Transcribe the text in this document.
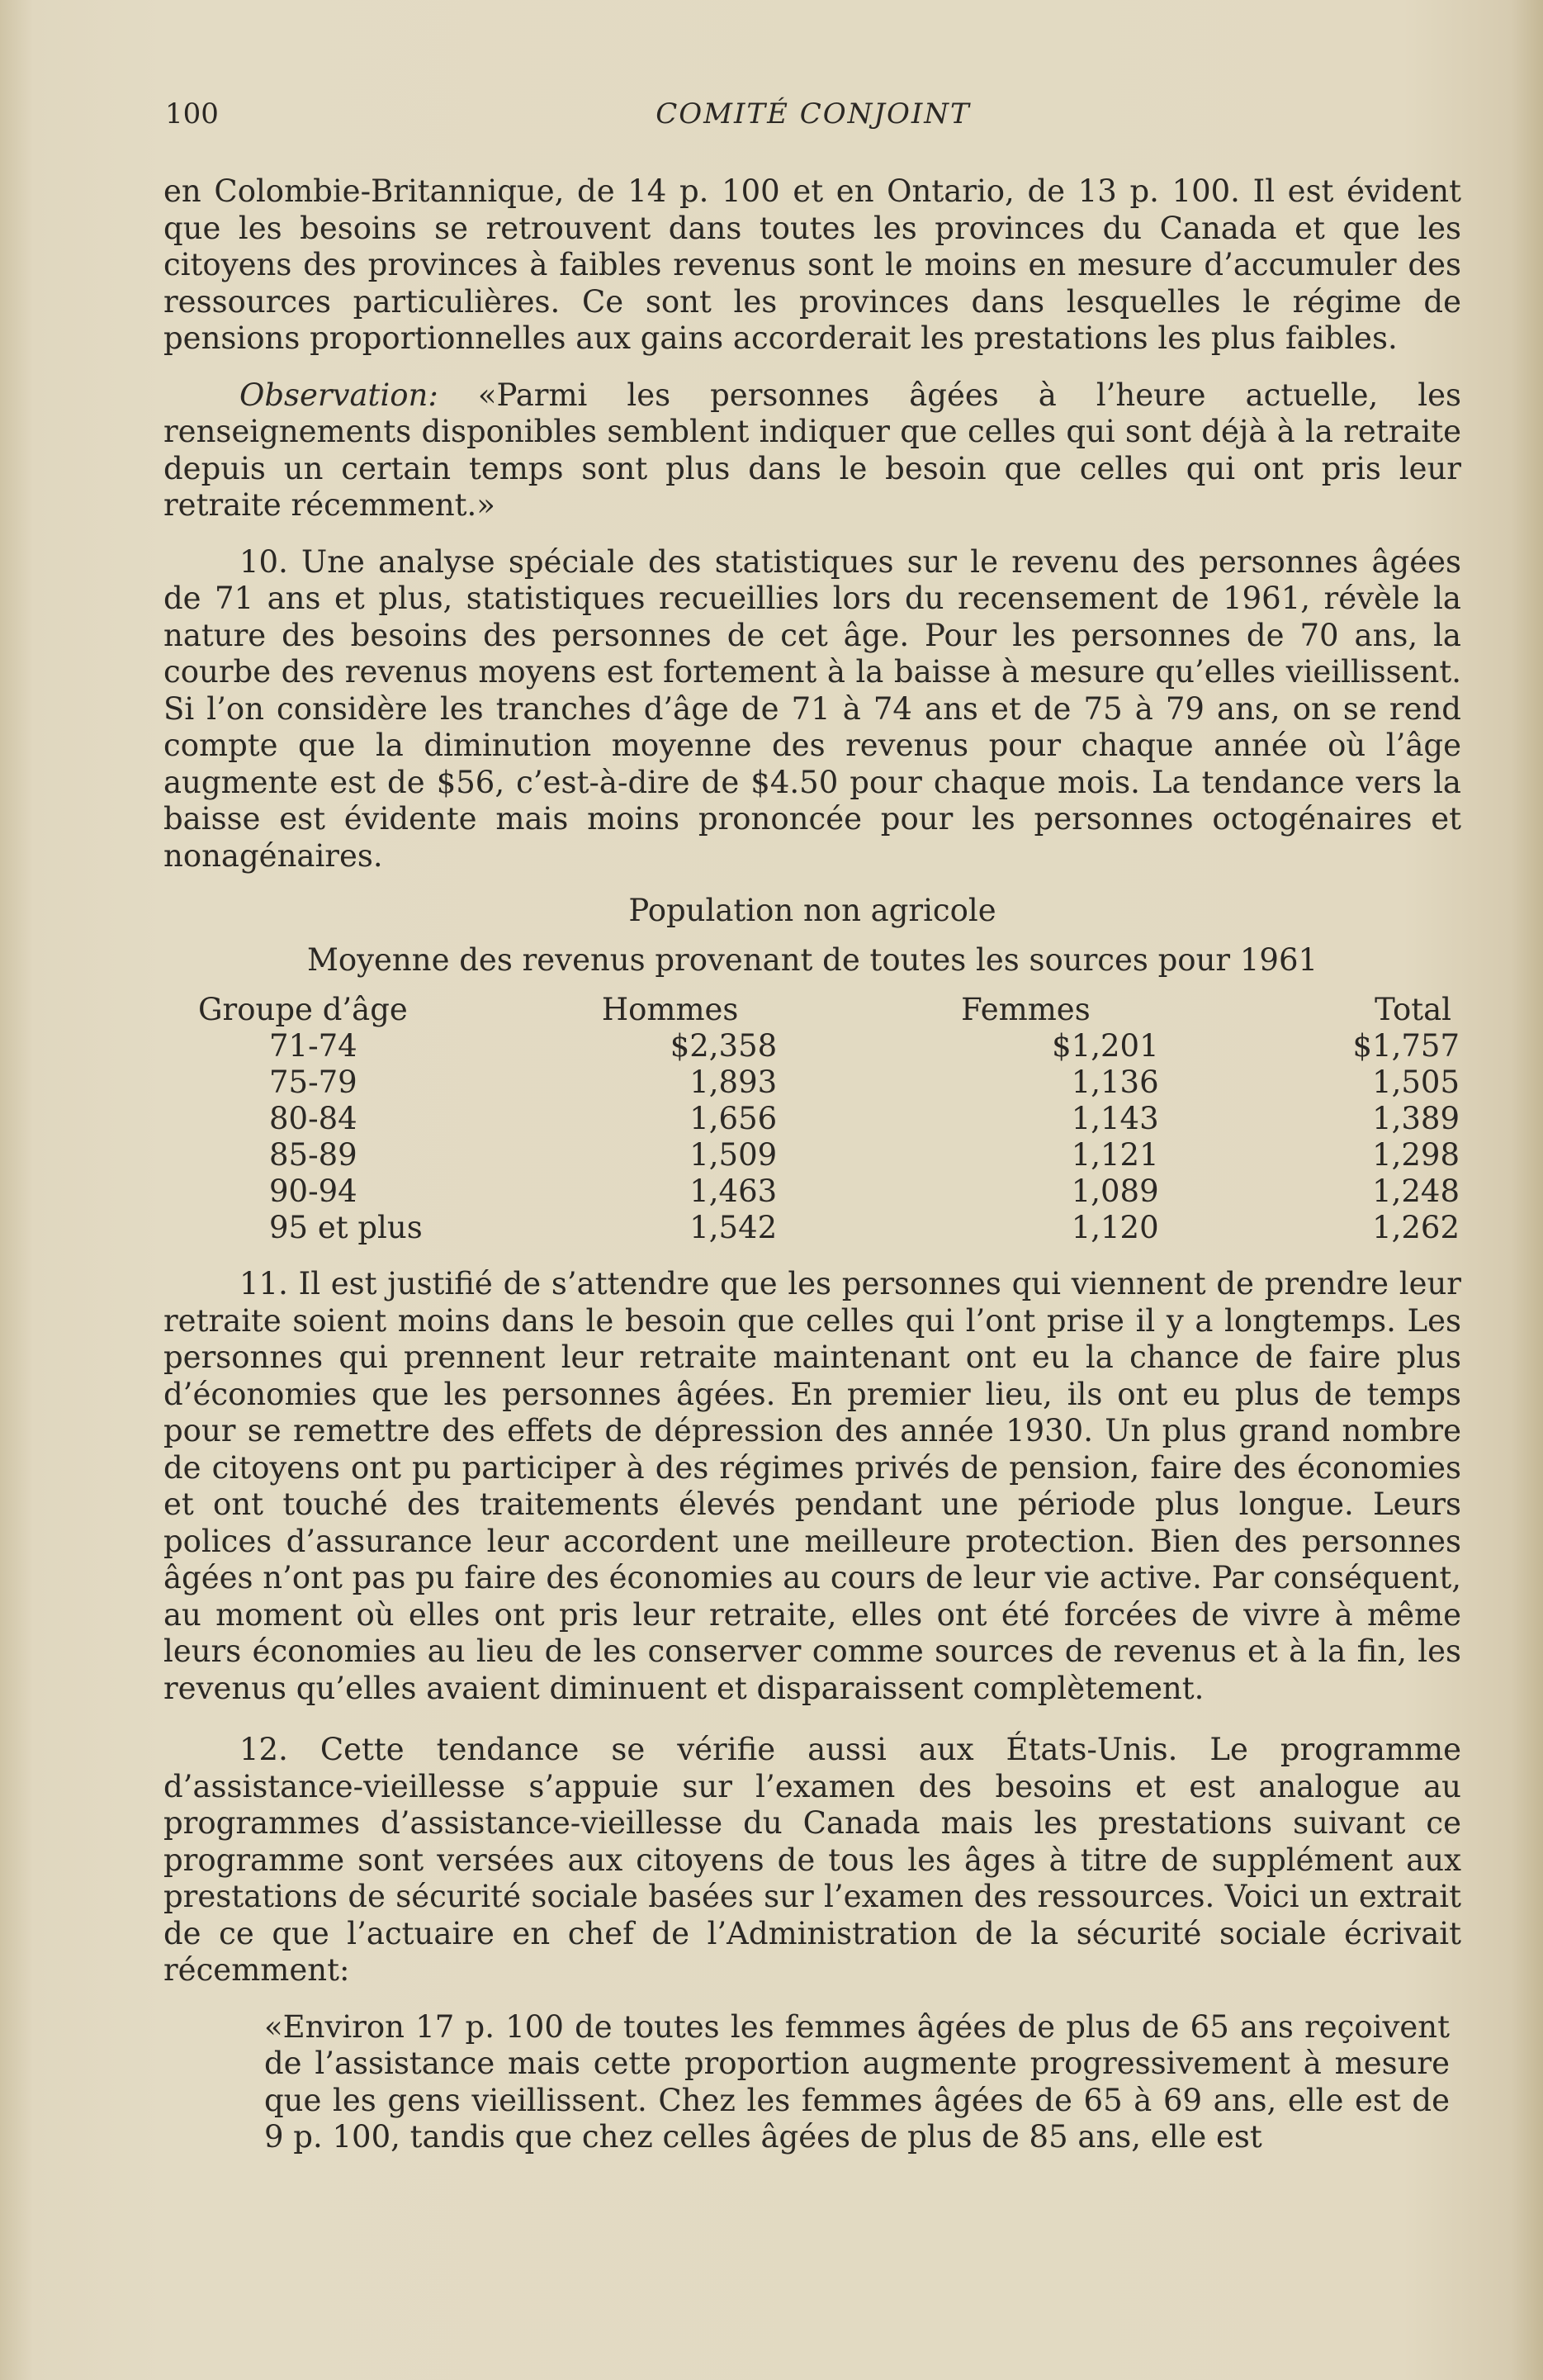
100	COMITÉ CONJOINT

en Colombie-Britannique, de 14 p. 100 et en Ontario, de 13 p. 100. Il est évident que les besoins se retrouvent dans toutes les provinces du Canada et que les citoyens des provinces à faibles revenus sont le moins en mesure d’accumuler des ressources particulières. Ce sont les provinces dans lesquelles le régime de pensions proportionnelles aux gains accorderait les prestations les plus faibles.

Observation: «Parmi les personnes âgées à l’heure actuelle, les renseignements disponibles semblent indiquer que celles qui sont déjà à la retraite depuis un certain temps sont plus dans le besoin que celles qui ont pris leur retraite récemment.»

10. Une analyse spéciale des statistiques sur le revenu des personnes âgées de 71 ans et plus, statistiques recueillies lors du recensement de 1961, révèle la nature des besoins des personnes de cet âge. Pour les personnes de 70 ans, la courbe des revenus moyens est fortement à la baisse à mesure qu’elles vieillissent. Si l’on considère les tranches d’âge de 71 à 74 ans et de 75 à 79 ans, on se rend compte que la diminution moyenne des revenus pour chaque année où l’âge augmente est de $56, c’est-à-dire de $4.50 pour chaque mois. La tendance vers la baisse est évidente mais moins prononcée pour les personnes octogénaires et nonagénaires.

Population non agricole
Moyenne des revenus provenant de toutes les sources pour 1961
Groupe d’âge	Hommes	Femmes	Total
71-74	$2,358	$1,201	$1,757
75-79	1,893	1,136	1,505
80-84	1,656	1,143	1,389
85-89	1,509	1,121	1,298
90-94	1,463	1,089	1,248
95 et plus	1,542	1,120	1,262

11. Il est justifié de s’attendre que les personnes qui viennent de prendre leur retraite soient moins dans le besoin que celles qui l’ont prise il y a longtemps. Les personnes qui prennent leur retraite maintenant ont eu la chance de faire plus d’économies que les personnes âgées. En premier lieu, ils ont eu plus de temps pour se remettre des effets de dépression des année 1930. Un plus grand nombre de citoyens ont pu participer à des régimes privés de pension, faire des économies et ont touché des traitements élevés pendant une période plus longue. Leurs polices d’assurance leur accordent une meilleure protection. Bien des personnes âgées n’ont pas pu faire des économies au cours de leur vie active. Par conséquent, au moment où elles ont pris leur retraite, elles ont été forcées de vivre à même leurs économies au lieu de les conserver comme sources de revenus et à la fin, les revenus qu’elles avaient diminuent et disparaissent complètement.

12. Cette tendance se vérifie aussi aux États-Unis. Le programme d’assistance-vieillesse s’appuie sur l’examen des besoins et est analogue au programmes d’assistance-vieillesse du Canada mais les prestations suivant ce programme sont versées aux citoyens de tous les âges à titre de supplément aux prestations de sécurité sociale basées sur l’examen des ressources. Voici un extrait de ce que l’actuaire en chef de l’Administration de la sécurité sociale écrivait récemment:

«Environ 17 p. 100 de toutes les femmes âgées de plus de 65 ans reçoivent de l’assistance mais cette proportion augmente progressivement à mesure que les gens vieillissent. Chez les femmes âgées de 65 à 69 ans, elle est de 9 p. 100, tandis que chez celles âgées de plus de 85 ans, elle est
